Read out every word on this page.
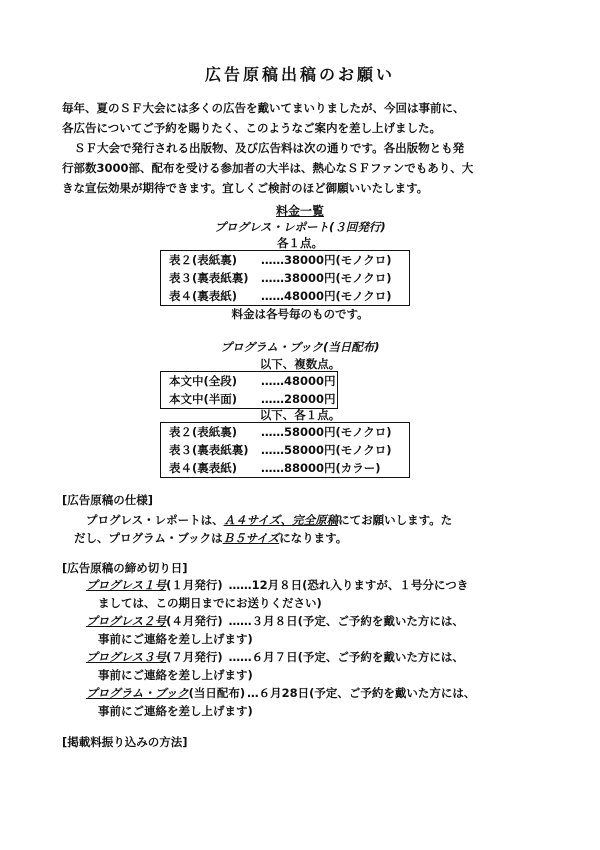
広告原稿出稿のお願い
毎年、夏のＳＦ大会には多くの広告を戴いてまいりましたが、今回は事前に、
各広告についてご予約を賜りたく、このようなご案内を差し上げました。
ＳＦ大会で発行される出版物、及び広告料は次の通りです。各出版物とも発
行部数3000部、配布を受ける参加者の大半は、熱心なＳＦファンでもあり、大
きな宣伝効果が期待できます。宜しくご検討のほど御願いいたします。
料金一覧
プログレス・レポート(３回発行)
各１点。
表２(表紙裏) ……38000円(モノクロ)
表３(裏表紙裏) ……38000円(モノクロ)
表４(裏表紙) ……48000円(モノクロ)
料金は各号毎のものです。
プログラム・ブック(当日配布)
以下、複数点。
本文中(全段) ……48000円
本文中(半面) ……28000円
以下、各１点。
表２(表紙裏) ……58000円(モノクロ)
表３(裏表紙裏) ……58000円(モノクロ)
表４(裏表紙) ……88000円(カラー)
[広告原稿の仕様]
プログレス・レポートは、Ａ４サイズ、完全原稿にてお願いします。た
だし、プログラム・ブックはＢ５サイズになります。
[広告原稿の締め切り日]
プログレス１号(１月発行) ……12月８日(恐れ入りますが、１号分につき
ましては、この期日までにお送りください)
プログレス２号(４月発行) ……３月８日(予定、ご予約を戴いた方には、
事前にご連絡を差し上げます)
プログレス３号(７月発行) ……６月７日(予定、ご予約を戴いた方には、
事前にご連絡を差し上げます)
プログラム・ブック(当日配布) …６月28日(予定、ご予約を戴いた方には、
事前にご連絡を差し上げます)
[掲載料振り込みの方法]
